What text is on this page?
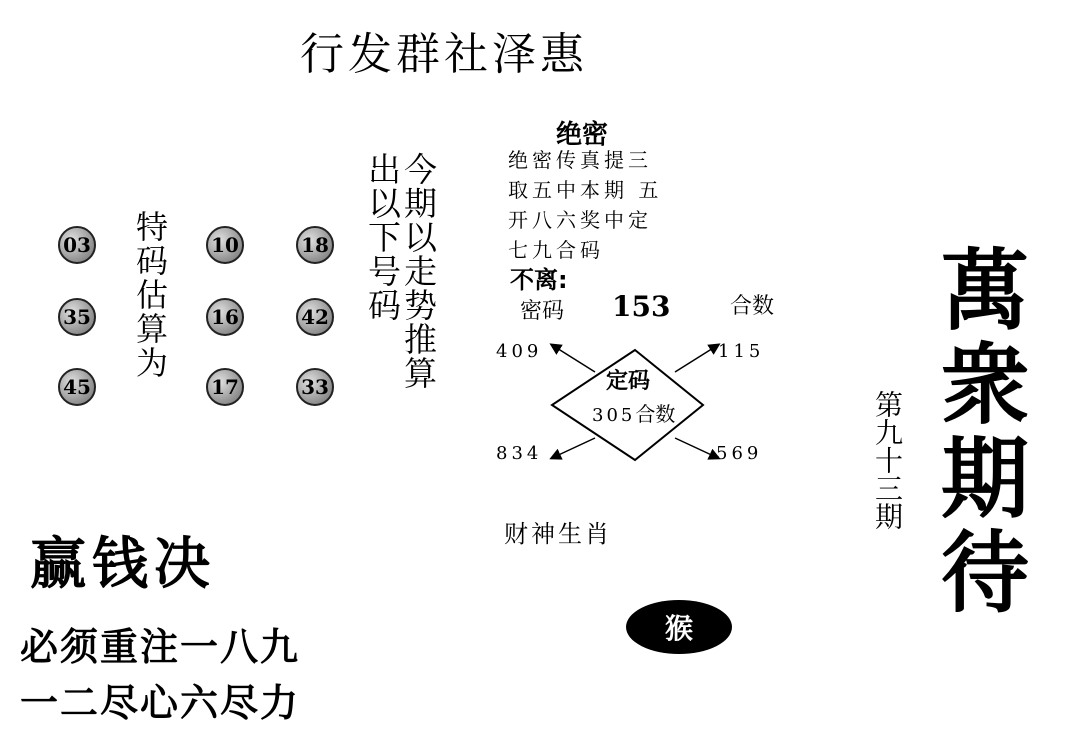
行发群社泽惠
03	10	18
35	16	42
45	17	33
特码估算为	今期以走势推算
出以下号码
绝密
绝密传真提三
取五中本期 五
开八六奖中定
七九合码
不离:
密码 153	合数
409	115
834	569
定码
305合数
财神生肖
猴
赢钱决
必须重注一八九
一二尽心六尽力
第九十三期 萬衆期待
